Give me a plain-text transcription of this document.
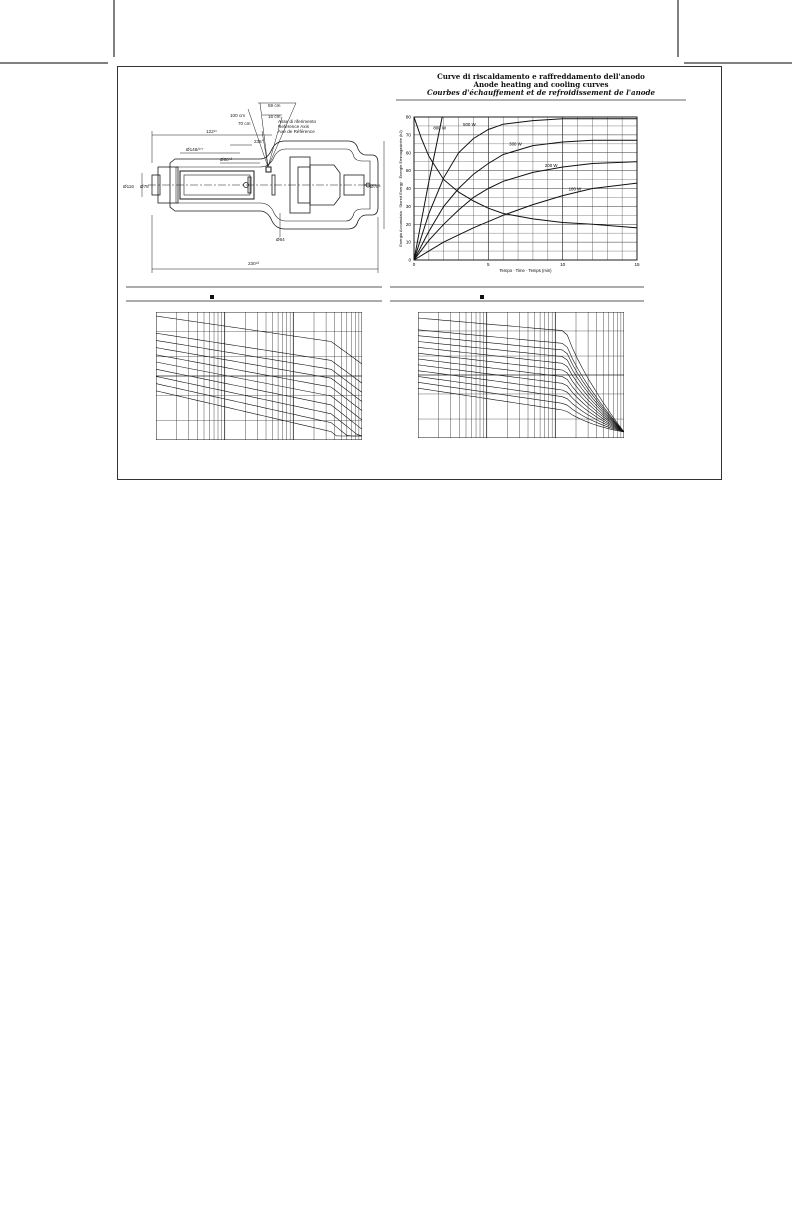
Curve di riscaldamento e raffreddamento dell'anodo
Anode heating and cooling curves
Courbes d'échauffement et de refroidissement de l'anode
100 cm
70 cm
59 cm
16 cm
Asse di riferimento
Reference Axis
Axe de Référence
122¹¹
Ø148/¹⁷⁷
Ø80⁴²
235°
Ø116 Ø78
Ø64
Ø78⁴
230⁴²
0
10
20
30
40
50
60
70
80
0	5	10	15
Tempo · Time · Temps (min)
Energia Accumulata · Stored Energy · Énergie Emmagasinée (kJ)
800 W
500 W
300 W
200 W
100 W
